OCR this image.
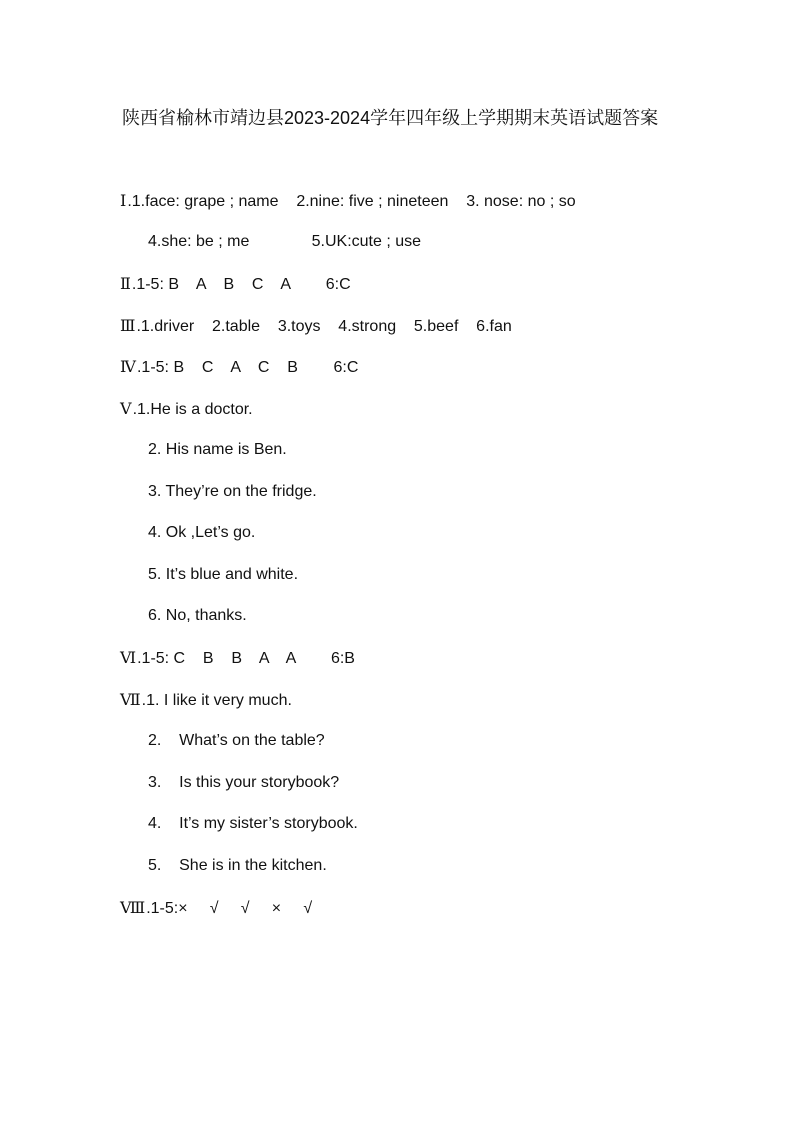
陕西省榆林市靖边县2023-2024学年四年级上学期期末英语试题答案
Ⅰ.1.face: grape ; name    2.nine: five ; nineteen    3. nose: no ; so
4.she: be ; me              5.UK:cute ; use
Ⅱ.1-5: B    A    B    C    A        6:C
Ⅲ.1.driver    2.table    3.toys    4.strong    5.beef    6.fan
Ⅳ.1-5: B    C    A    C    B        6:C
Ⅴ.1.He is a doctor.
2. His name is Ben.
3. They’re on the fridge.
4. Ok ,Let’s go.
5. It’s blue and white.
6. No, thanks.
Ⅵ.1-5: C    B    B    A    A        6:B
Ⅶ.1. I like it very much.
2.    What’s on the table?
3.    Is this your storybook?
4.    It’s my sister’s storybook.
5.    She is in the kitchen.
Ⅷ.1-5:×     √     √     ×     √
